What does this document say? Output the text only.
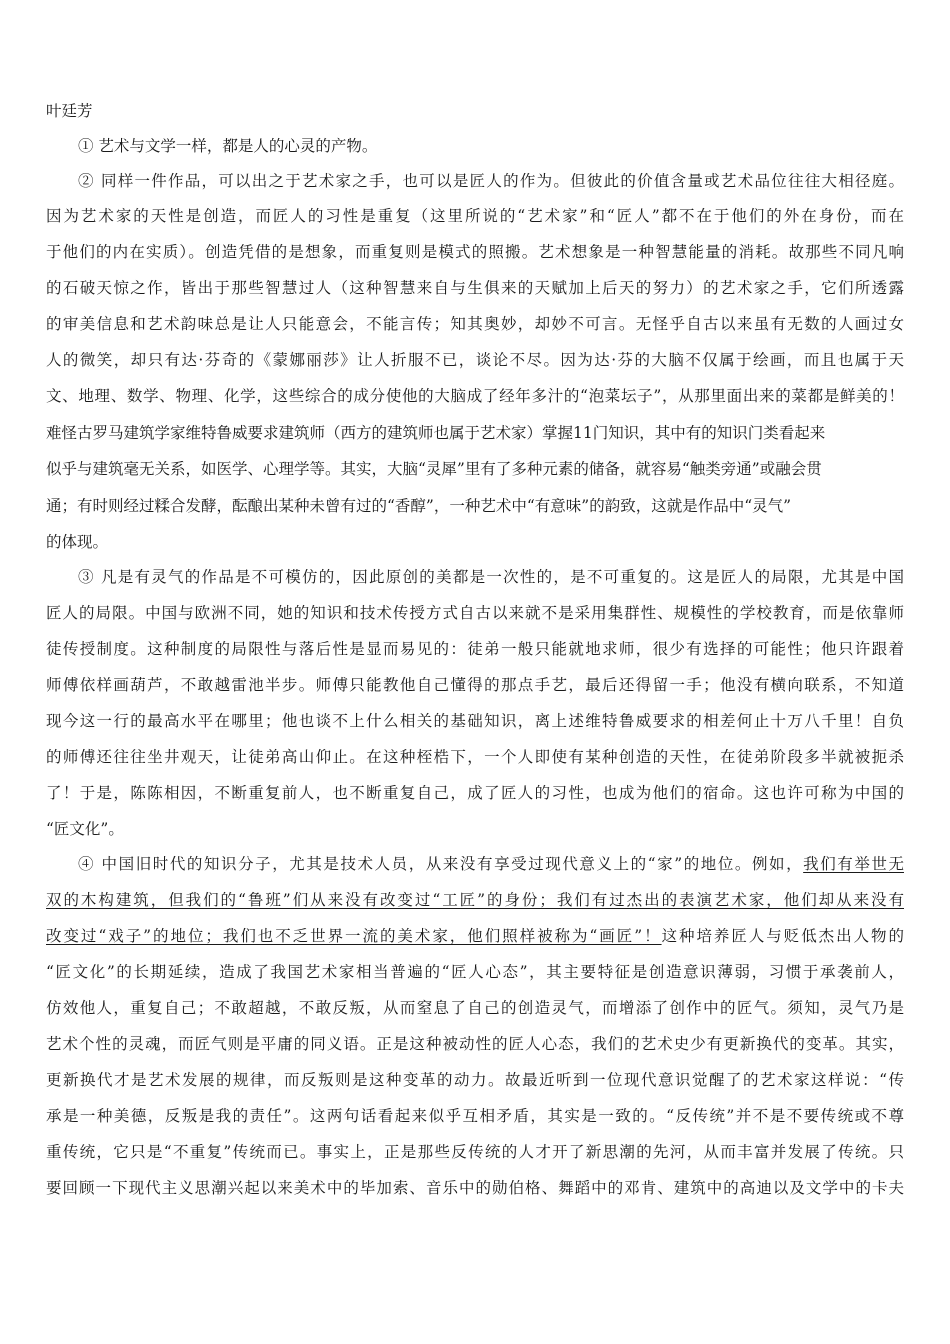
叶廷芳
① 艺术与文学一样，都是人的心灵的产物。
② 同样一件作品，可以出之于艺术家之手，也可以是匠人的作为。但彼此的价值含量或艺术品位往往大相径庭。
因为艺术家的天性是创造，而匠人的习性是重复（这里所说的“艺术家”和“匠人”都不在于他们的外在身份，而在
于他们的内在实质）。创造凭借的是想象，而重复则是模式的照搬。艺术想象是一种智慧能量的消耗。故那些不同凡响
的石破天惊之作，皆出于那些智慧过人（这种智慧来自与生俱来的天赋加上后天的努力）的艺术家之手，它们所透露
的审美信息和艺术韵味总是让人只能意会，不能言传；知其奥妙，却妙不可言。无怪乎自古以来虽有无数的人画过女
人的微笑，却只有达·芬奇的《蒙娜丽莎》让人折服不已，谈论不尽。因为达·芬的大脑不仅属于绘画，而且也属于天
文、地理、数学、物理、化学，这些综合的成分使他的大脑成了经年多汁的“泡菜坛子”，从那里面出来的菜都是鲜美的！
难怪古罗马建筑学家维特鲁威要求建筑师（西方的建筑师也属于艺术家）掌握11门知识，其中有的知识门类看起来
似乎与建筑毫无关系，如医学、心理学等。其实，大脑“灵犀”里有了多种元素的储备，就容易“触类旁通”或融会贯
通；有时则经过糅合发酵，酝酿出某种未曾有过的“香醇”，一种艺术中“有意味”的韵致，这就是作品中“灵气”
的体现。
③ 凡是有灵气的作品是不可模仿的，因此原创的美都是一次性的，是不可重复的。这是匠人的局限，尤其是中国
匠人的局限。中国与欧洲不同，她的知识和技术传授方式自古以来就不是采用集群性、规模性的学校教育，而是依靠师
徒传授制度。这种制度的局限性与落后性是显而易见的：徒弟一般只能就地求师，很少有选择的可能性；他只许跟着
师傅依样画葫芦，不敢越雷池半步。师傅只能教他自己懂得的那点手艺，最后还得留一手；他没有横向联系，不知道
现今这一行的最高水平在哪里；他也谈不上什么相关的基础知识，离上述维特鲁威要求的相差何止十万八千里！自负
的师傅还往往坐井观天，让徒弟高山仰止。在这种桎梏下，一个人即使有某种创造的天性，在徒弟阶段多半就被扼杀
了！于是，陈陈相因，不断重复前人，也不断重复自己，成了匠人的习性，也成为他们的宿命。这也许可称为中国的
“匠文化”。
④ 中国旧时代的知识分子，尤其是技术人员，从来没有享受过现代意义上的“家”的地位。例如，我们有举世无
双的木构建筑，但我们的“鲁班”们从来没有改变过“工匠”的身份；我们有过杰出的表演艺术家，他们却从来没有
改变过“戏子”的地位；我们也不乏世界一流的美术家，他们照样被称为“画匠”！这种培养匠人与贬低杰出人物的
“匠文化”的长期延续，造成了我国艺术家相当普遍的“匠人心态”，其主要特征是创造意识薄弱，习惯于承袭前人，
仿效他人，重复自己；不敢超越，不敢反叛，从而窒息了自己的创造灵气，而增添了创作中的匠气。须知，灵气乃是
艺术个性的灵魂，而匠气则是平庸的同义语。正是这种被动性的匠人心态，我们的艺术史少有更新换代的变革。其实，
更新换代才是艺术发展的规律，而反叛则是这种变革的动力。故最近听到一位现代意识觉醒了的艺术家这样说：“传
承是一种美德，反叛是我的责任”。这两句话看起来似乎互相矛盾，其实是一致的。“反传统”并不是不要传统或不尊
重传统，它只是“不重复”传统而已。事实上，正是那些反传统的人才开了新思潮的先河，从而丰富并发展了传统。只
要回顾一下现代主义思潮兴起以来美术中的毕加索、音乐中的勋伯格、舞蹈中的邓肯、建筑中的高迪以及文学中的卡夫
